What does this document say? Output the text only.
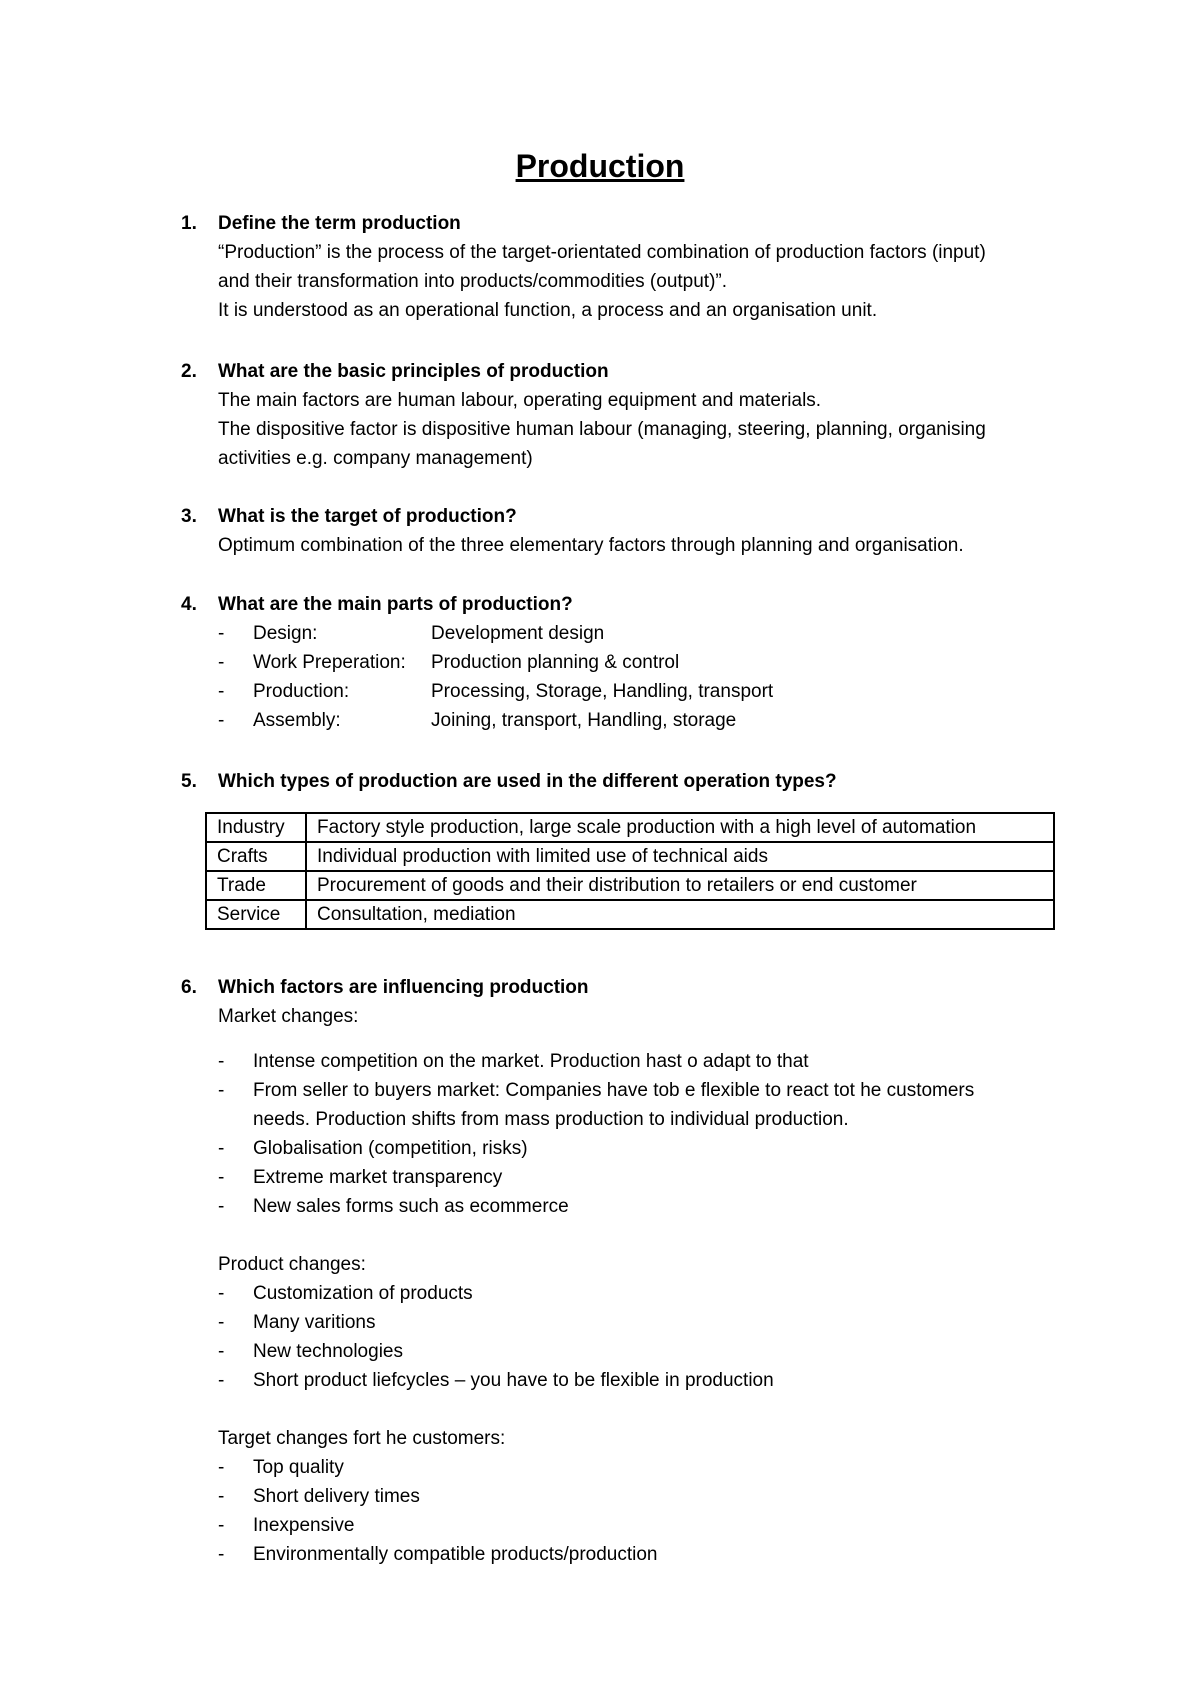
Production
1.	Define the term production
“Production” is the process of the target-orientated combination of production factors (input)
and their transformation into products/commodities (output)”.
It is understood as an operational function, a process and an organisation unit.
2.	What are the basic principles of production
The main factors are human labour, operating equipment and materials.
The dispositive factor is dispositive human labour (managing, steering, planning, organising
activities e.g. company management)
3.	What is the target of production?
Optimum combination of the three elementary factors through planning and organisation.
4.	What are the main parts of production?
- Design:	Development design
- Work Preperation: Production planning & control
- Production:	Processing, Storage, Handling, transport
- Assembly:	Joining, transport, Handling, storage
5.	Which types of production are used in the different operation types?
Industry	Factory style production, large scale production with a high level of automation
Crafts	Individual production with limited use of technical aids
Trade	Procurement of goods and their distribution to retailers or end customer
Service	Consultation, mediation
6.	Which factors are influencing production
Market changes:
- Intense competition on the market. Production hast o adapt to that
- From seller to buyers market: Companies have tob e flexible to react tot he customers
needs. Production shifts from mass production to individual production.
- Globalisation (competition, risks)
- Extreme market transparency
- New sales forms such as ecommerce
Product changes:
- Customization of products
- Many varitions
- New technologies
- Short product liefcycles – you have to be flexible in production
Target changes fort he customers:
- Top quality
- Short delivery times
- Inexpensive
- Environmentally compatible products/production
